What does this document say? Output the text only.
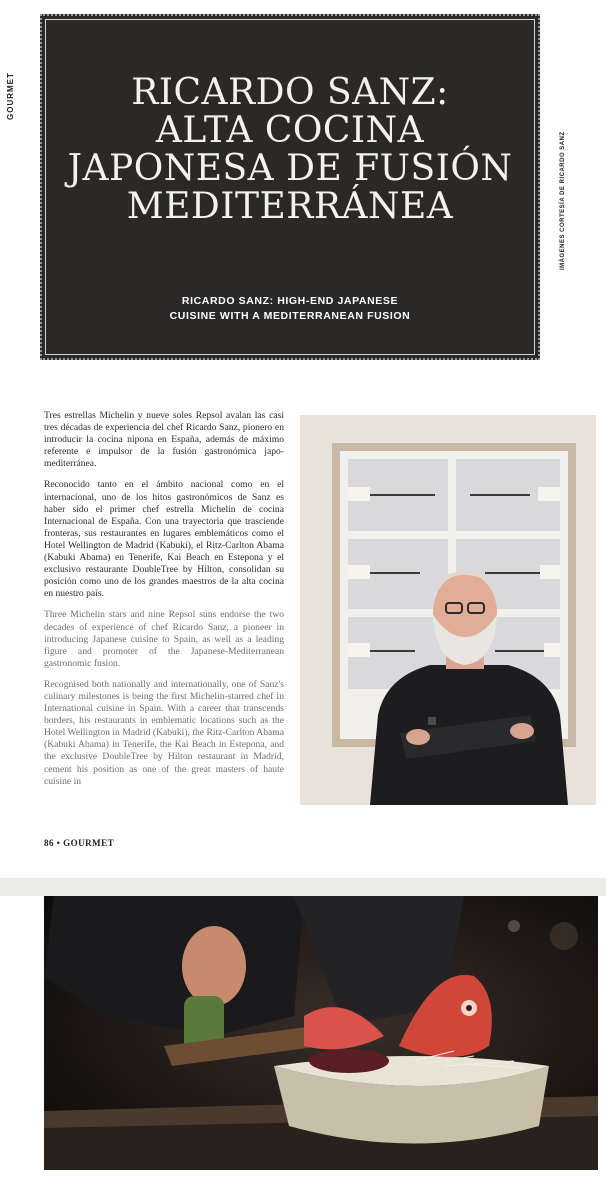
GOURMET
IMÁGENES CORTESÍA DE RICARDO SANZ
RICARDO SANZ:
ALTA COCINA
JAPONESA DE FUSIÓN
MEDITERRÁNEA
RICARDO SANZ: HIGH-END JAPANESE
CUISINE WITH A MEDITERRANEAN FUSION

Tres estrellas Michelin y nueve soles Repsol avalan las casi tres décadas de experiencia del chef Ricardo Sanz, pionero en introducir la cocina nipona en España, además de máximo referente e impulsor de la fusión gastronómica japo-mediterránea.

Reconocido tanto en el ámbito nacional como en el internacional, uno de los hitos gastronómicos de Sanz es haber sido el primer chef estrella Michelin de cocina Internacional de España. Con una trayectoria que trasciende fronteras, sus restaurantes en lugares emblemáticos como el Hotel Wellington de Madrid (Kabuki), el Ritz-Carlton Abama (Kabuki Abama) en Tenerife, Kai Beach en Estepona y el exclusivo restaurante DoubleTree by Hilton, consolidan su posición como uno de los grandes maestros de la alta cocina en nuestro país.

Three Michelin stars and nine Repsol suns endorse the two decades of experience of chef Ricardo Sanz, a pioneer in introducing Japanese cuisine to Spain, as well as a leading figure and promoter of the Japanese-Mediterranean gastronomic fusion.

Recognised both nationally and internationally, one of Sanz's culinary milestones is being the first Michelin-starred chef in International cuisine in Spain. With a career that transcends borders, his restaurants in emblematic locations such as the Hotel Wellington in Madrid (Kabuki), the Ritz-Carlton Abama (Kabuki Abama) in Tenerife, the Kai Beach in Estepona, and the exclusive DoubleTree by Hilton restaurant in Madrid, cement his position as one of the great masters of haute cuisine in

86 • GOURMET
